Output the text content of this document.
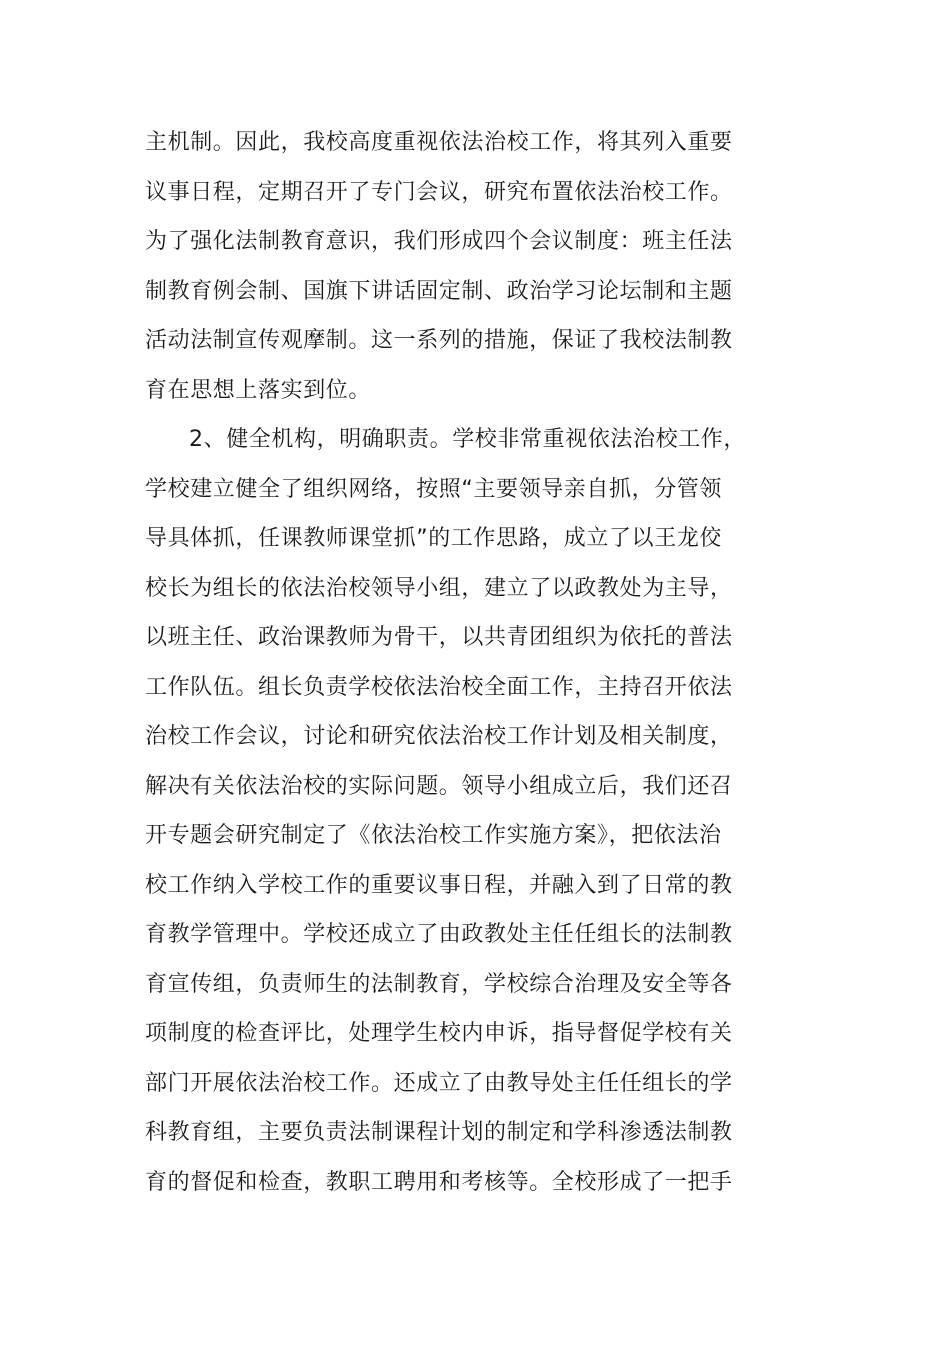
主机制。因此，我校高度重视依法治校工作，将其列入重要
议事日程，定期召开了专门会议，研究布置依法治校工作。
为了强化法制教育意识，我们形成四个会议制度：班主任法
制教育例会制、国旗下讲话固定制、政治学习论坛制和主题
活动法制宣传观摩制。这一系列的措施，保证了我校法制教
育在思想上落实到位。
2、健全机构，明确职责。学校非常重视依法治校工作，
学校建立健全了组织网络，按照“主要领导亲自抓，分管领
导具体抓，任课教师课堂抓”的工作思路，成立了以王龙佼
校长为组长的依法治校领导小组，建立了以政教处为主导，
以班主任、政治课教师为骨干，以共青团组织为依托的普法
工作队伍。组长负责学校依法治校全面工作，主持召开依法
治校工作会议，讨论和研究依法治校工作计划及相关制度，
解决有关依法治校的实际问题。领导小组成立后，我们还召
开专题会研究制定了《依法治校工作实施方案》，把依法治
校工作纳入学校工作的重要议事日程，并融入到了日常的教
育教学管理中。学校还成立了由政教处主任任组长的法制教
育宣传组，负责师生的法制教育，学校综合治理及安全等各
项制度的检查评比，处理学生校内申诉，指导督促学校有关
部门开展依法治校工作。还成立了由教导处主任任组长的学
科教育组，主要负责法制课程计划的制定和学科渗透法制教
育的督促和检查，教职工聘用和考核等。全校形成了一把手
